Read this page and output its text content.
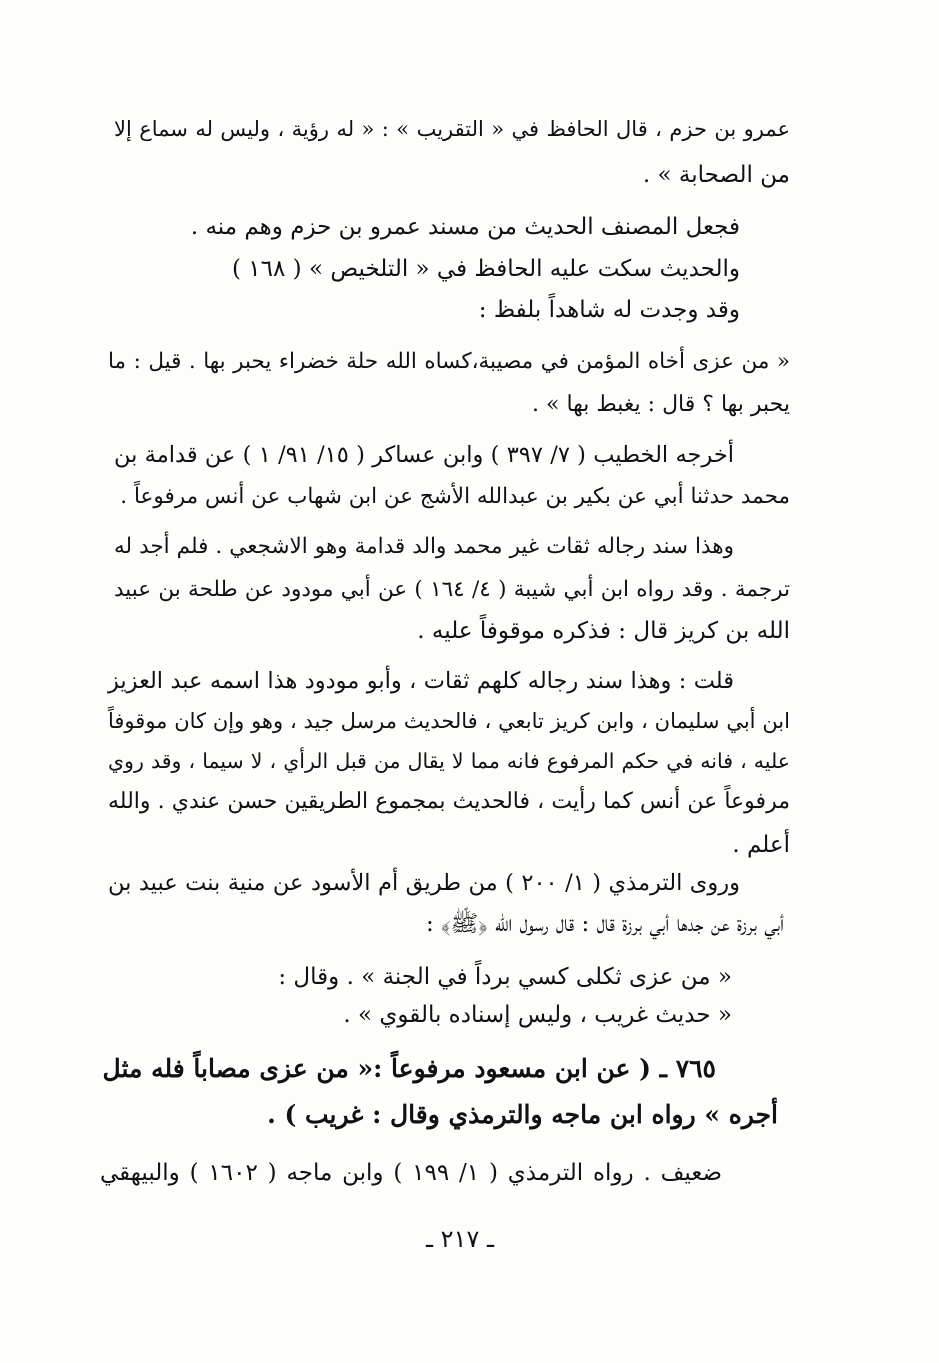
عمرو بن حزم ، قال الحافظ في « التقريب » : « له رؤية ، وليس له سماع إلا
من الصحابة » .
فجعل المصنف الحديث من مسند عمرو بن حزم وهم منه .
والحديث سكت عليه الحافظ في « التلخيص » ( ١٦٨ )
وقد وجدت له شاهداً بلفظ :
« من عزى أخاه المؤمن في مصيبة،كساه الله حلة خضراء يحبر بها . قيل : ما
يحبر بها ؟ قال : يغبط بها » .
أخرجه الخطيب ( ٧/ ٣٩٧ ) وابن عساكر ( ١٥/ ٩١/ ١ ) عن قدامة بن
محمد حدثنا أبي عن بكير بن عبدالله الأشج عن ابن شهاب عن أنس مرفوعاً .
وهذا سند رجاله ثقات غير محمد والد قدامة وهو الاشجعي . فلم أجد له
ترجمة . وقد رواه ابن أبي شيبة ( ٤/ ١٦٤ ) عن أبي مودود عن طلحة بن عبيد
الله بن كريز قال : فذكره موقوفاً عليه .
قلت : وهذا سند رجاله كلهم ثقات ، وأبو مودود هذا اسمه عبد العزيز
ابن أبي سليمان ، وابن كريز تابعي ، فالحديث مرسل جيد ، وهو وإن كان موقوفاً
عليه ، فانه في حكم المرفوع فانه مما لا يقال من قبل الرأي ، لا سيما ، وقد روي
مرفوعاً عن أنس كما رأيت ، فالحديث بمجموع الطريقين حسن عندي . والله
أعلم .
وروى الترمذي ( ١/ ٢٠٠ ) من طريق أم الأسود عن منية بنت عبيد بن
أبي برزة عن جدها أبي برزة قال : قال رسول الله ﴿ﷺ﴾ :
« من عزى ثكلى كسي برداً في الجنة » . وقال :
« حديث غريب ، وليس إسناده بالقوي » .
٧٦٥ ـ ( عن ابن مسعود مرفوعاً :« من عزى مصاباً فله مثل
أجره » رواه ابن ماجه والترمذي وقال : غريب ) .
ضعيف . رواه الترمذي ( ١/ ١٩٩ ) وابن ماجه ( ١٦٠٢ ) والبيهقي
ـ ٢١٧ ـ
